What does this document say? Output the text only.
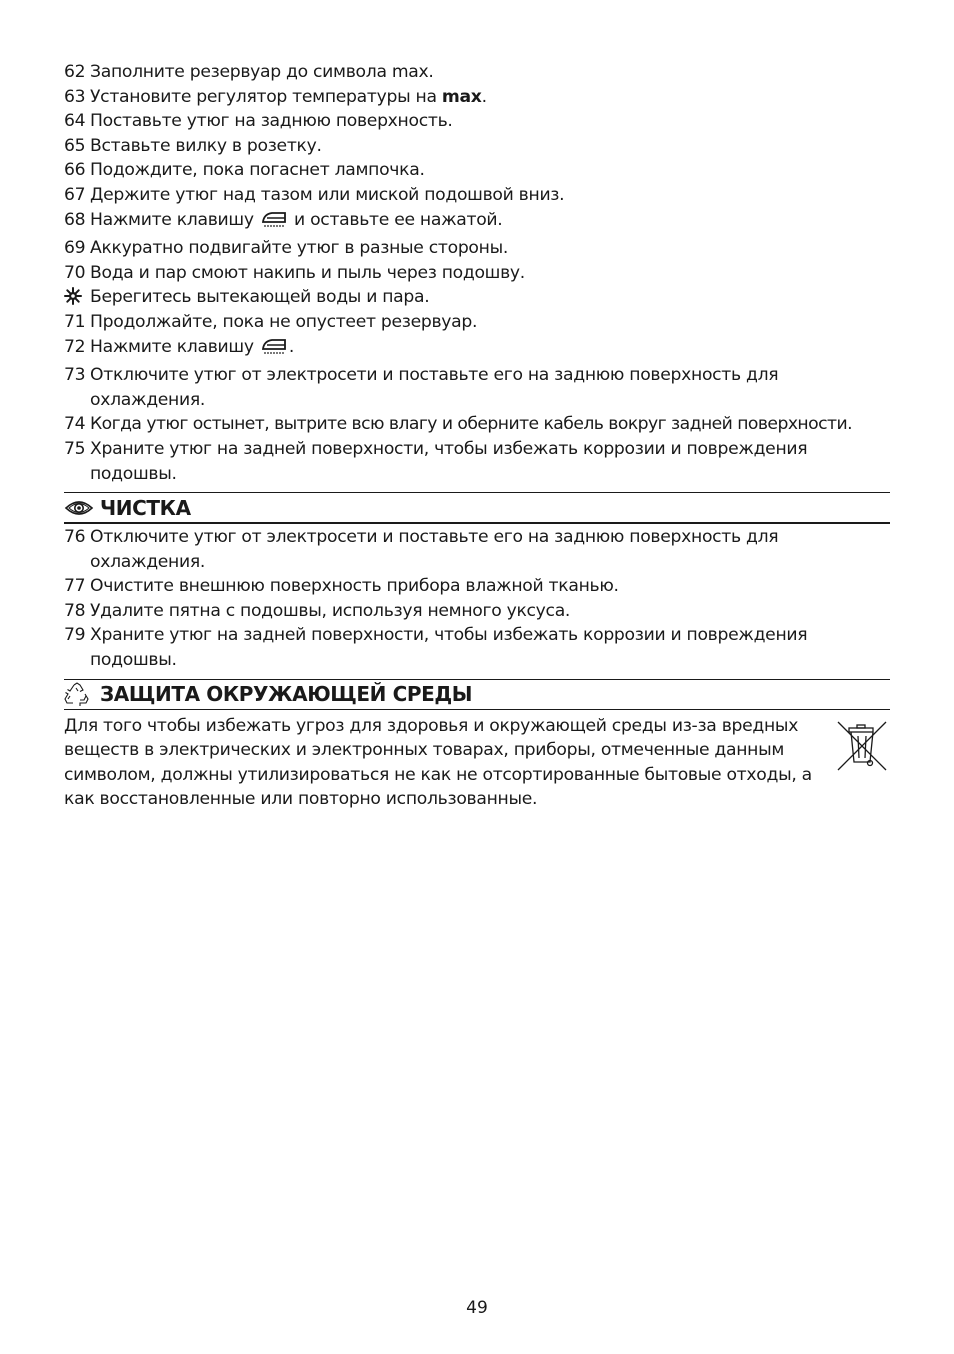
62 Заполните резервуар до символа max.
63 Установите регулятор температуры на max.
64 Поставьте утюг на заднюю поверхность.
65 Вставьте вилку в розетку.
66 Подождите, пока погаснет лампочка.
67 Держите утюг над тазом или миской подошвой вниз.
68 Нажмите клавишу  и оставьте ее нажатой.
69 Аккуратно подвигайте утюг в разные стороны.
70 Вода и пар смоют накипь и пыль через подошву.
Берегитесь вытекающей воды и пара.
71 Продолжайте, пока не опустеет резервуар.
72 Нажмите клавишу .
73 Отключите утюг от электросети и поставьте его на заднюю поверхность для охлаждения.
74 Когда утюг остынет, вытрите всю влагу и оберните кабель вокруг задней поверхности.
75 Храните утюг на задней поверхности, чтобы избежать коррозии и повреждения подошвы.
ЧИСТКА
76 Отключите утюг от электросети и поставьте его на заднюю поверхность для охлаждения.
77 Очистите внешнюю поверхность прибора влажной тканью.
78 Удалите пятна с подошвы, используя немного уксуса.
79 Храните утюг на задней поверхности, чтобы избежать коррозии и повреждения подошвы.
ЗАЩИТА ОКРУЖАЮЩЕЙ СРЕДЫ
Для того чтобы избежать угроз для здоровья и окружающей среды из-за вредных веществ в электрических и электронных товарах, приборы, отмеченные данным символом, должны утилизироваться не как не отсортированные бытовые отходы, а как восстановленные или повторно использованные.
49
